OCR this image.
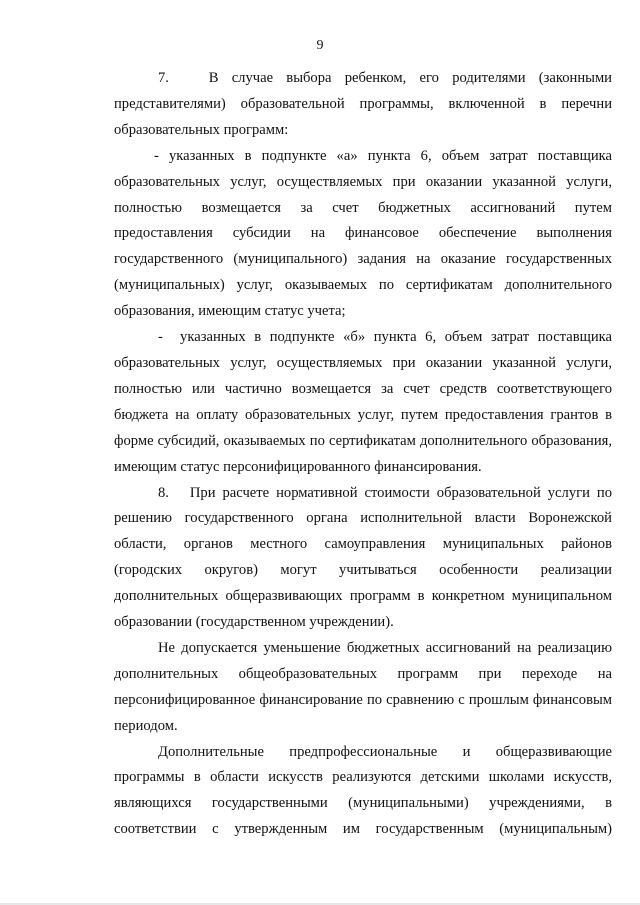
9

7.   В случае выбора ребенком, его родителями (законными представителями) образовательной программы, включенной в перечни образовательных программ:

- указанных в подпункте «а» пункта 6, объем затрат поставщика образовательных услуг, осуществляемых при оказании указанной услуги, полностью возмещается за счет бюджетных ассигнований путем предоставления субсидии на финансовое обеспечение выполнения государственного (муниципального) задания на оказание государственных (муниципальных) услуг, оказываемых по сертификатам дополнительного образования, имеющим статус учета;

-  указанных в подпункте «б» пункта 6, объем затрат поставщика образовательных услуг, осуществляемых при оказании указанной услуги, полностью или частично возмещается за счет средств соответствующего бюджета на оплату образовательных услуг, путем предоставления грантов в форме субсидий, оказываемых по сертификатам дополнительного образования, имеющим статус персонифицированного финансирования.

8.   При расчете нормативной стоимости образовательной услуги по решению государственного органа исполнительной власти Воронежской области, органов местного самоуправления муниципальных районов (городских округов) могут учитываться особенности реализации дополнительных общеразвивающих программ в конкретном муниципальном образовании (государственном учреждении).

Не допускается уменьшение бюджетных ассигнований на реализацию дополнительных общеобразовательных программ при переходе на персонифицированное финансирование по сравнению с прошлым финансовым периодом.

Дополнительные предпрофессиональные и общеразвивающие программы в области искусств реализуются детскими школами искусств, являющихся государственными (муниципальными) учреждениями, в соответствии с утвержденным им государственным (муниципальным)
